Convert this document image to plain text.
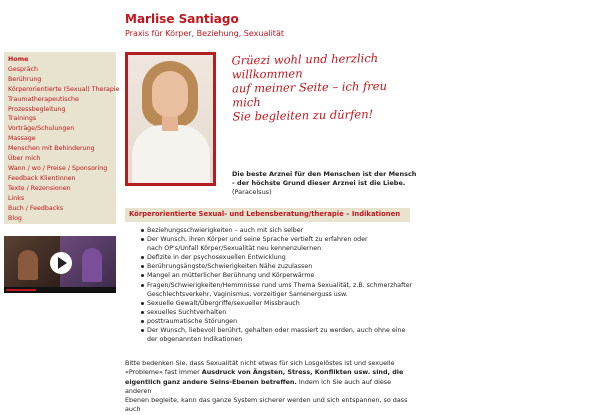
Marlise Santiago
Praxis für Körper, Beziehung, Sexualität
Home
Gespräch
Berührung
Körperorientierte (Sexual) Therapie
Traumatherapeutische
Prozessbegleitung
Trainings
Vorträge/Schulungen
Massage
Menschen mit Behinderung
Über mich
Wann / wo / Preise / Sponsoring
Feedback Klientinnen
Texte / Rezensionen
Links
Buch / Feedbacks
Blog
Grüezi wohl und herzlich willkommen
auf meiner Seite – ich freu mich
Sie begleiten zu dürfen!
Die beste Arznei für den Menschen ist der Mensch - der höchste Grund dieser Arznei ist die Liebe.
(Paracelsus)
Körperorientierte Sexual- und Lebensberatung/therapie – Indikationen
Beziehungsschwierigkeiten – auch mit sich selber
Der Wunsch, ihren Körper und seine Sprache vertieft zu erfahren oder
nach OP's/Unfall Körper/Sexualität neu kennenzulernen
Defizite in der psychosexuellen Entwicklung
Berührungsängste/Schwierigkeiten Nähe zuzulassen
Mangel an mütterlicher Berührung und Körperwärme
Fragen/Schwierigkeiten/Hemmnisse rund ums Thema Sexualität, z.B. schmerzhafter
Geschlechtsverkehr, Vaginismus, vorzeitiger Samenerguss usw.
Sexuelle Gewalt/Übergriffe/sexueller Missbrauch
sexuelles Suchtverhalten
posttraumatische Störungen
Der Wunsch, liebevoll berührt, gehalten oder massiert zu werden, auch ohne eine
der obgenannten Indikationen
Bitte bedenken Sie, dass Sexualität nicht etwas für sich Losgelöstes ist und sexuelle
«Probleme» fast immer Ausdruck von Ängsten, Stress, Konflikten usw. sind, die
eigentlich ganz andere Seins-Ebenen betreffen. Indem ich Sie auch auf diese anderen
Ebenen begleite, kann das ganze System sicherer werden und sich entspannen, so dass auch
